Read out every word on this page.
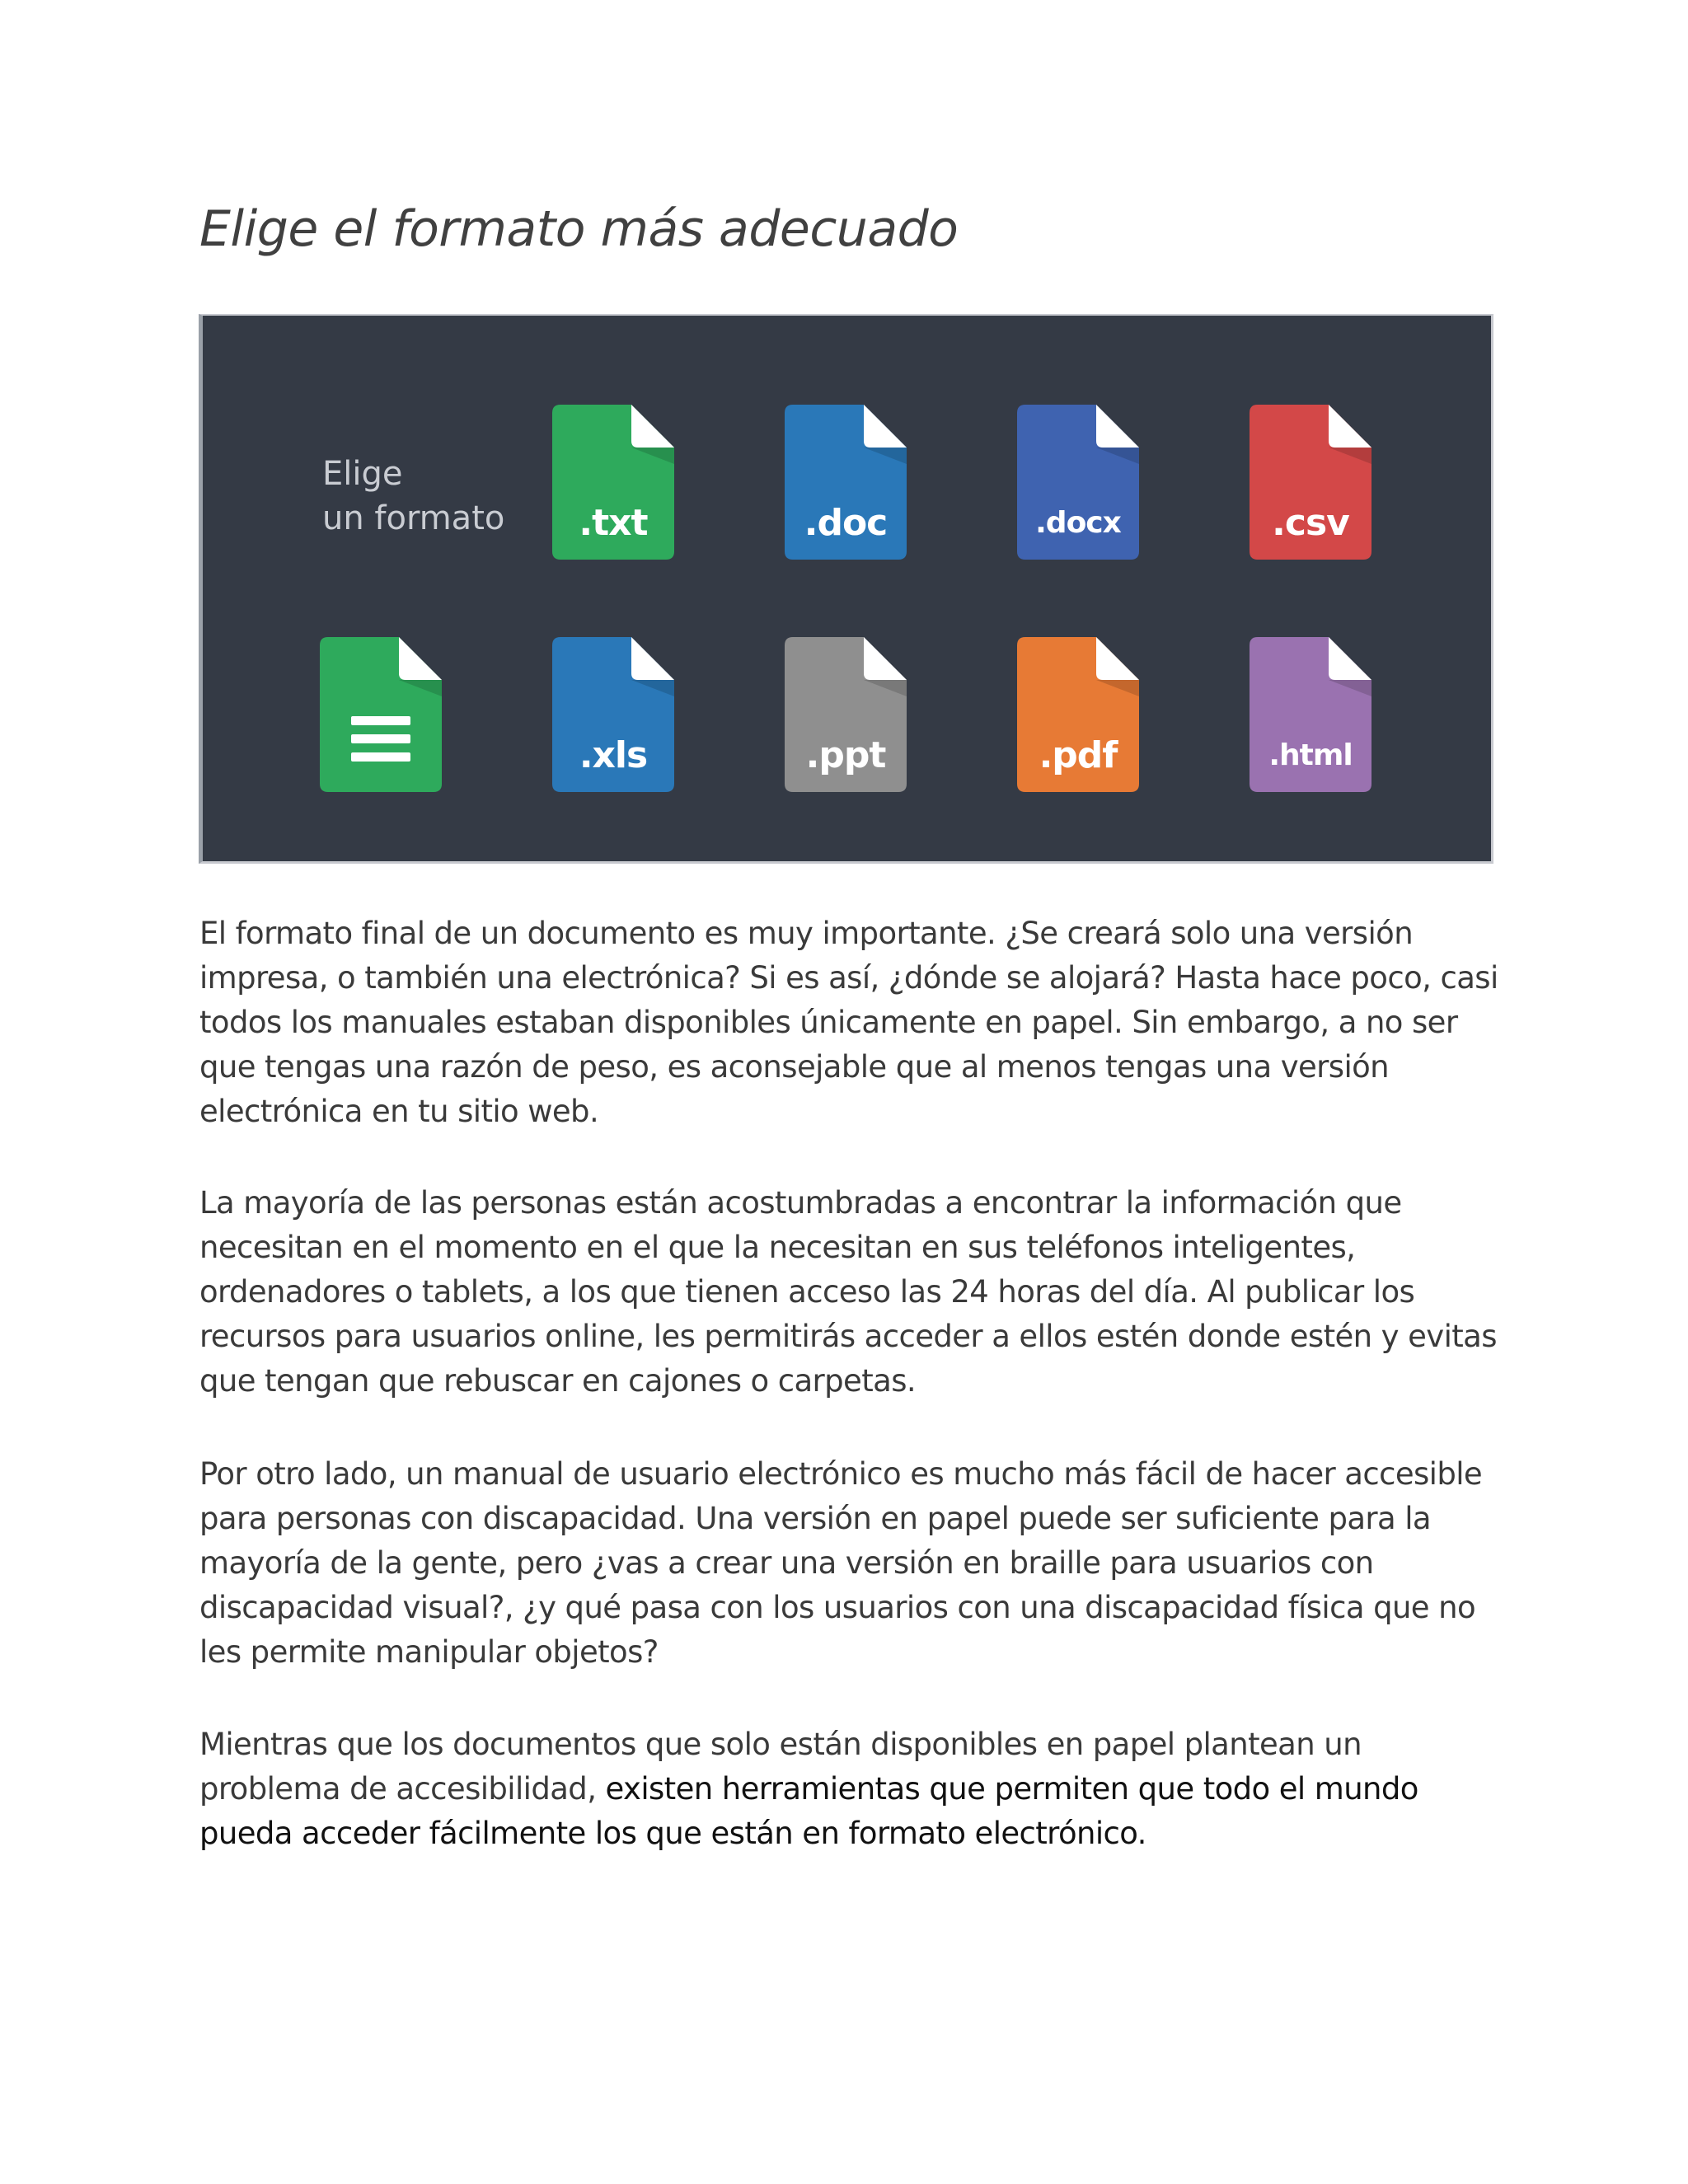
Elige el formato más adecuado
Elige
un formato	.txt	.doc	.docx	.csv
.xls	.ppt	.pdf	.html

El formato final de un documento es muy importante. ¿Se creará solo una versión impresa, o también una electrónica? Si es así, ¿dónde se alojará? Hasta hace poco, casi todos los manuales estaban disponibles únicamente en papel. Sin embargo, a no ser que tengas una razón de peso, es aconsejable que al menos tengas una versión electrónica en tu sitio web.

La mayoría de las personas están acostumbradas a encontrar la información que necesitan en el momento en el que la necesitan en sus teléfonos inteligentes, ordenadores o tablets, a los que tienen acceso las 24 horas del día. Al publicar los recursos para usuarios online, les permitirás acceder a ellos estén donde estén y evitas que tengan que rebuscar en cajones o carpetas.

Por otro lado, un manual de usuario electrónico es mucho más fácil de hacer accesible para personas con discapacidad. Una versión en papel puede ser suficiente para la mayoría de la gente, pero ¿vas a crear una versión en braille para usuarios con discapacidad visual?, ¿y qué pasa con los usuarios con una discapacidad física que no les permite manipular objetos?

Mientras que los documentos que solo están disponibles en papel plantean un problema de accesibilidad, existen herramientas que permiten que todo el mundo pueda acceder fácilmente los que están en formato electrónico.
